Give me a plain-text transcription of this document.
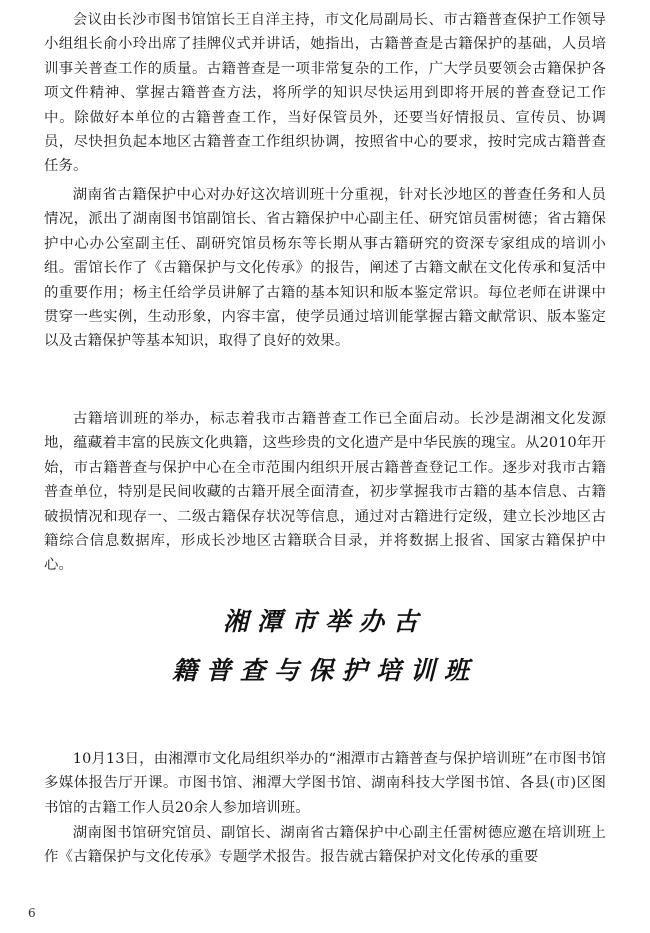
会议由长沙市图书馆馆长王自洋主持，市文化局副局长、市古籍普查保护工作领导小组组长俞小玲出席了挂牌仪式并讲话，她指出，古籍普查是古籍保护的基础，人员培训事关普查工作的质量。古籍普查是一项非常复杂的工作，广大学员要领会古籍保护各项文件精神、掌握古籍普查方法，将所学的知识尽快运用到即将开展的普查登记工作中。除做好本单位的古籍普查工作，当好保管员外，还要当好情报员、宣传员、协调员，尽快担负起本地区古籍普查工作组织协调，按照省中心的要求，按时完成古籍普查任务。

湖南省古籍保护中心对办好这次培训班十分重视，针对长沙地区的普查任务和人员情况，派出了湖南图书馆副馆长、省古籍保护中心副主任、研究馆员雷树德；省古籍保护中心办公室副主任、副研究馆员杨东等长期从事古籍研究的资深专家组成的培训小组。雷馆长作了《古籍保护与文化传承》的报告，阐述了古籍文献在文化传承和复活中的重要作用；杨主任给学员讲解了古籍的基本知识和版本鉴定常识。每位老师在讲课中贯穿一些实例，生动形象，内容丰富，使学员通过培训能掌握古籍文献常识、版本鉴定以及古籍保护等基本知识，取得了良好的效果。

古籍培训班的举办，标志着我市古籍普查工作已全面启动。长沙是湖湘文化发源地，蕴藏着丰富的民族文化典籍，这些珍贵的文化遗产是中华民族的瑰宝。从2010年开始，市古籍普查与保护中心在全市范围内组织开展古籍普查登记工作。逐步对我市古籍普查单位，特别是民间收藏的古籍开展全面清查，初步掌握我市古籍的基本信息、古籍破损情况和现存一、二级古籍保存状况等信息，通过对古籍进行定级，建立长沙地区古籍综合信息数据库，形成长沙地区古籍联合目录，并将数据上报省、国家古籍保护中心。

湘潭市举办古
籍普查与保护培训班

10月13日，由湘潭市文化局组织举办的“湘潭市古籍普查与保护培训班”在市图书馆多媒体报告厅开课。市图书馆、湘潭大学图书馆、湖南科技大学图书馆、各县(市)区图书馆的古籍工作人员20余人参加培训班。

湖南图书馆研究馆员、副馆长、湖南省古籍保护中心副主任雷树德应邀在培训班上作《古籍保护与文化传承》专题学术报告。报告就古籍保护对文化传承的重要

6
